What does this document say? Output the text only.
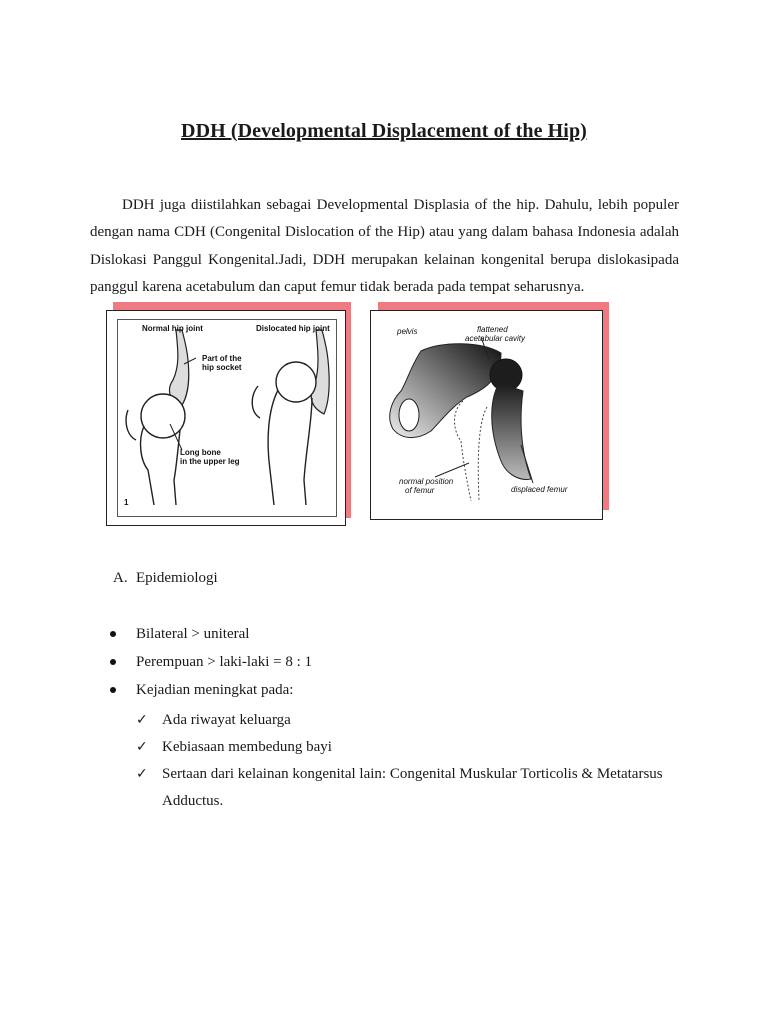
DDH (Developmental Displacement of the Hip)

DDH juga diistilahkan sebagai Developmental Displasia of the hip. Dahulu, lebih populer dengan nama CDH (Congenital Dislocation of the Hip) atau yang dalam bahasa Indonesia adalah Dislokasi Panggul Kongenital.Jadi, DDH merupakan kelainan kongenital berupa dislokasipada panggul karena acetabulum dan caput femur tidak berada pada tempat seharusnya.

Normal hip joint	Dislocated hip joint
Part of the
hip socket
Long bone
in the upper leg
1
pelvis	flattened
acetabular cavity
normal position
of femur	displaced femur
A. Epidemiologi
Bilateral > uniteral
Perempuan > laki-laki = 8 : 1
Kejadian meningkat pada:
✓ Ada riwayat keluarga
✓ Kebiasaan membedung bayi
✓ Sertaan dari kelainan kongenital lain: Congenital Muskular Torticolis & Metatarsus Adductus.
